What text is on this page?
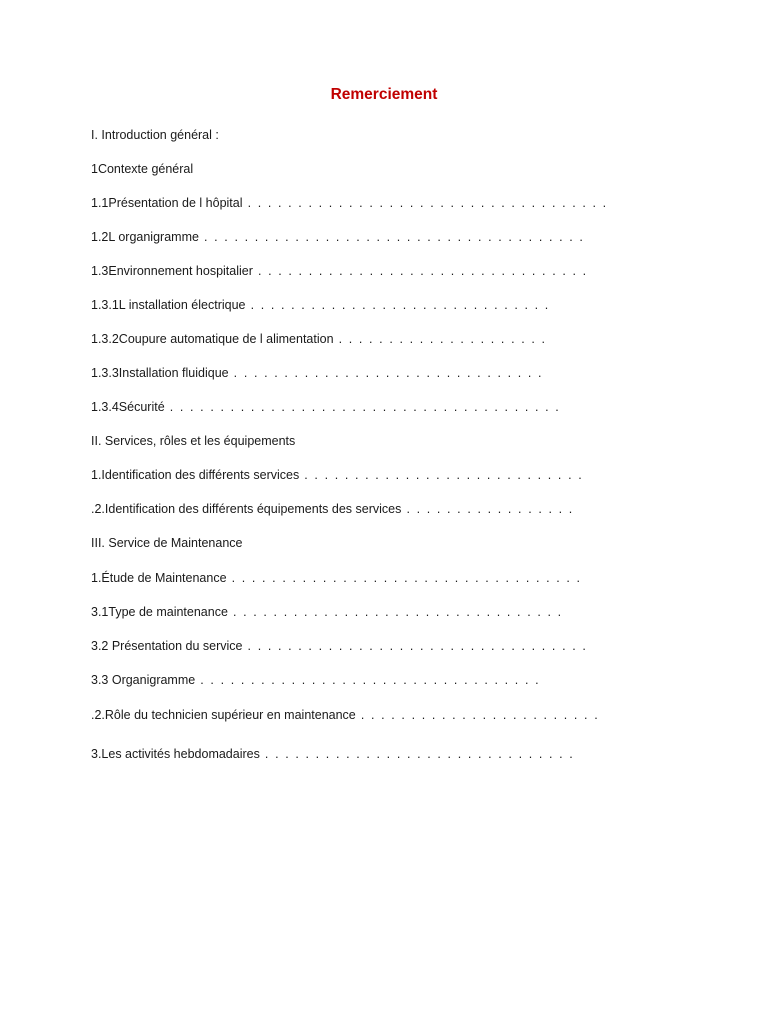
Remerciement
I. Introduction général :
1Contexte général
1.1Présentation de l hôpital . . . . . . . . . . . . . . . . . . . . . . . . . . . . . . . . . . . .
1.2L organigramme . . . . . . . . . . . . . . . . . . . . . . . . . . . . . . . . . . . . . .
1.3Environnement hospitalier . . . . . . . . . . . . . . . . . . . . . . . . . . . . . . . . .
1.3.1L installation électrique . . . . . . . . . . . . . . . . . . . . . . . . . . . . . .
1.3.2Coupure automatique de l alimentation . . . . . . . . . . . . . . . . . . . . .
1.3.3Installation fluidique . . . . . . . . . . . . . . . . . . . . . . . . . . . . . . .
1.3.4Sécurité . . . . . . . . . . . . . . . . . . . . . . . . . . . . . . . . . . . . . . .
II. Services, rôles et les équipements
1.Identification des différents services . . . . . . . . . . . . . . . . . . . . . . . . . . . .
.2.Identification des différents équipements des services . . . . . . . . . . . . . . . . .
III. Service de Maintenance
1.Étude de Maintenance . . . . . . . . . . . . . . . . . . . . . . . . . . . . . . . . . . .
3.1Type de maintenance . . . . . . . . . . . . . . . . . . . . . . . . . . . . . . . . .
3.2 Présentation du service . . . . . . . . . . . . . . . . . . . . . . . . . . . . . . . . . .
3.3 Organigramme . . . . . . . . . . . . . . . . . . . . . . . . . . . . . . . . . .
.2.Rôle du technicien supérieur en maintenance . . . . . . . . . . . . . . . . . . . . . . . .
3.Les activités hebdomadaires . . . . . . . . . . . . . . . . . . . . . . . . . . . . . . .
